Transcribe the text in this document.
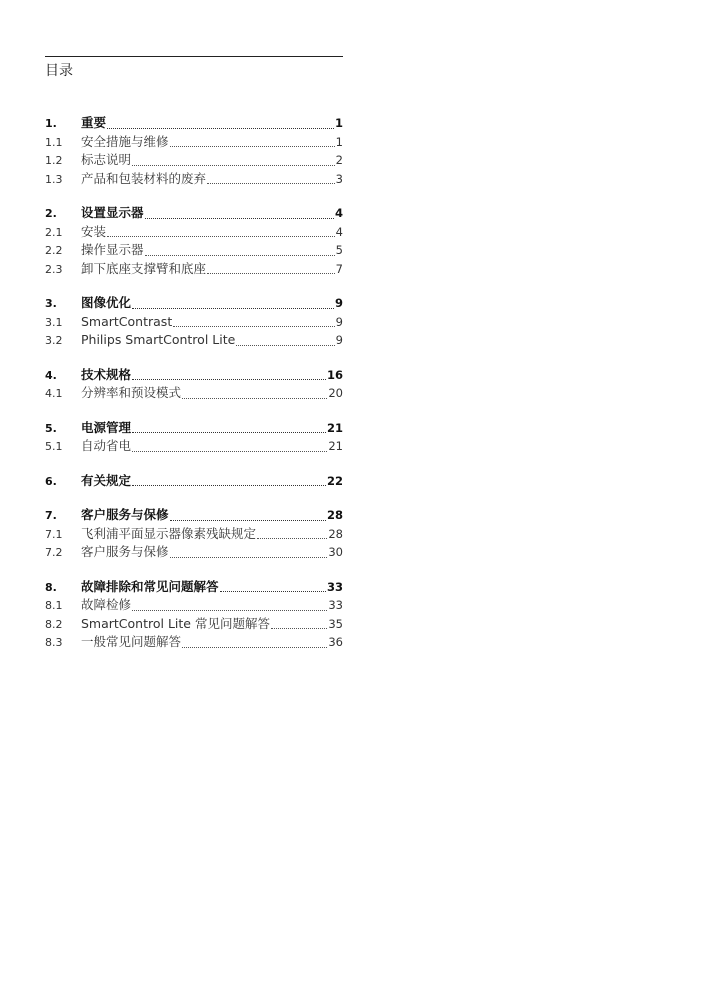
目录
1.	重要	1
1.1	安全措施与维修	1
1.2	标志说明	2
1.3	产品和包装材料的废弃	3
2.	设置显示器	4
2.1	安装	4
2.2	操作显示器	5
2.3	卸下底座支撑臂和底座	7
3.	图像优化	9
3.1	SmartContrast	9
3.2	Philips SmartControl Lite	9
4.	技术规格	16
4.1	分辨率和预设模式	20
5.	电源管理	21
5.1	自动省电	21
6.	有关规定	22
7.	客户服务与保修	28
7.1	飞利浦平面显示器像素残缺规定	28
7.2	客户服务与保修	30
8.	故障排除和常见问题解答	33
8.1	故障检修	33
8.2	SmartControl Lite 常见问题解答	35
8.3	一般常见问题解答	36
